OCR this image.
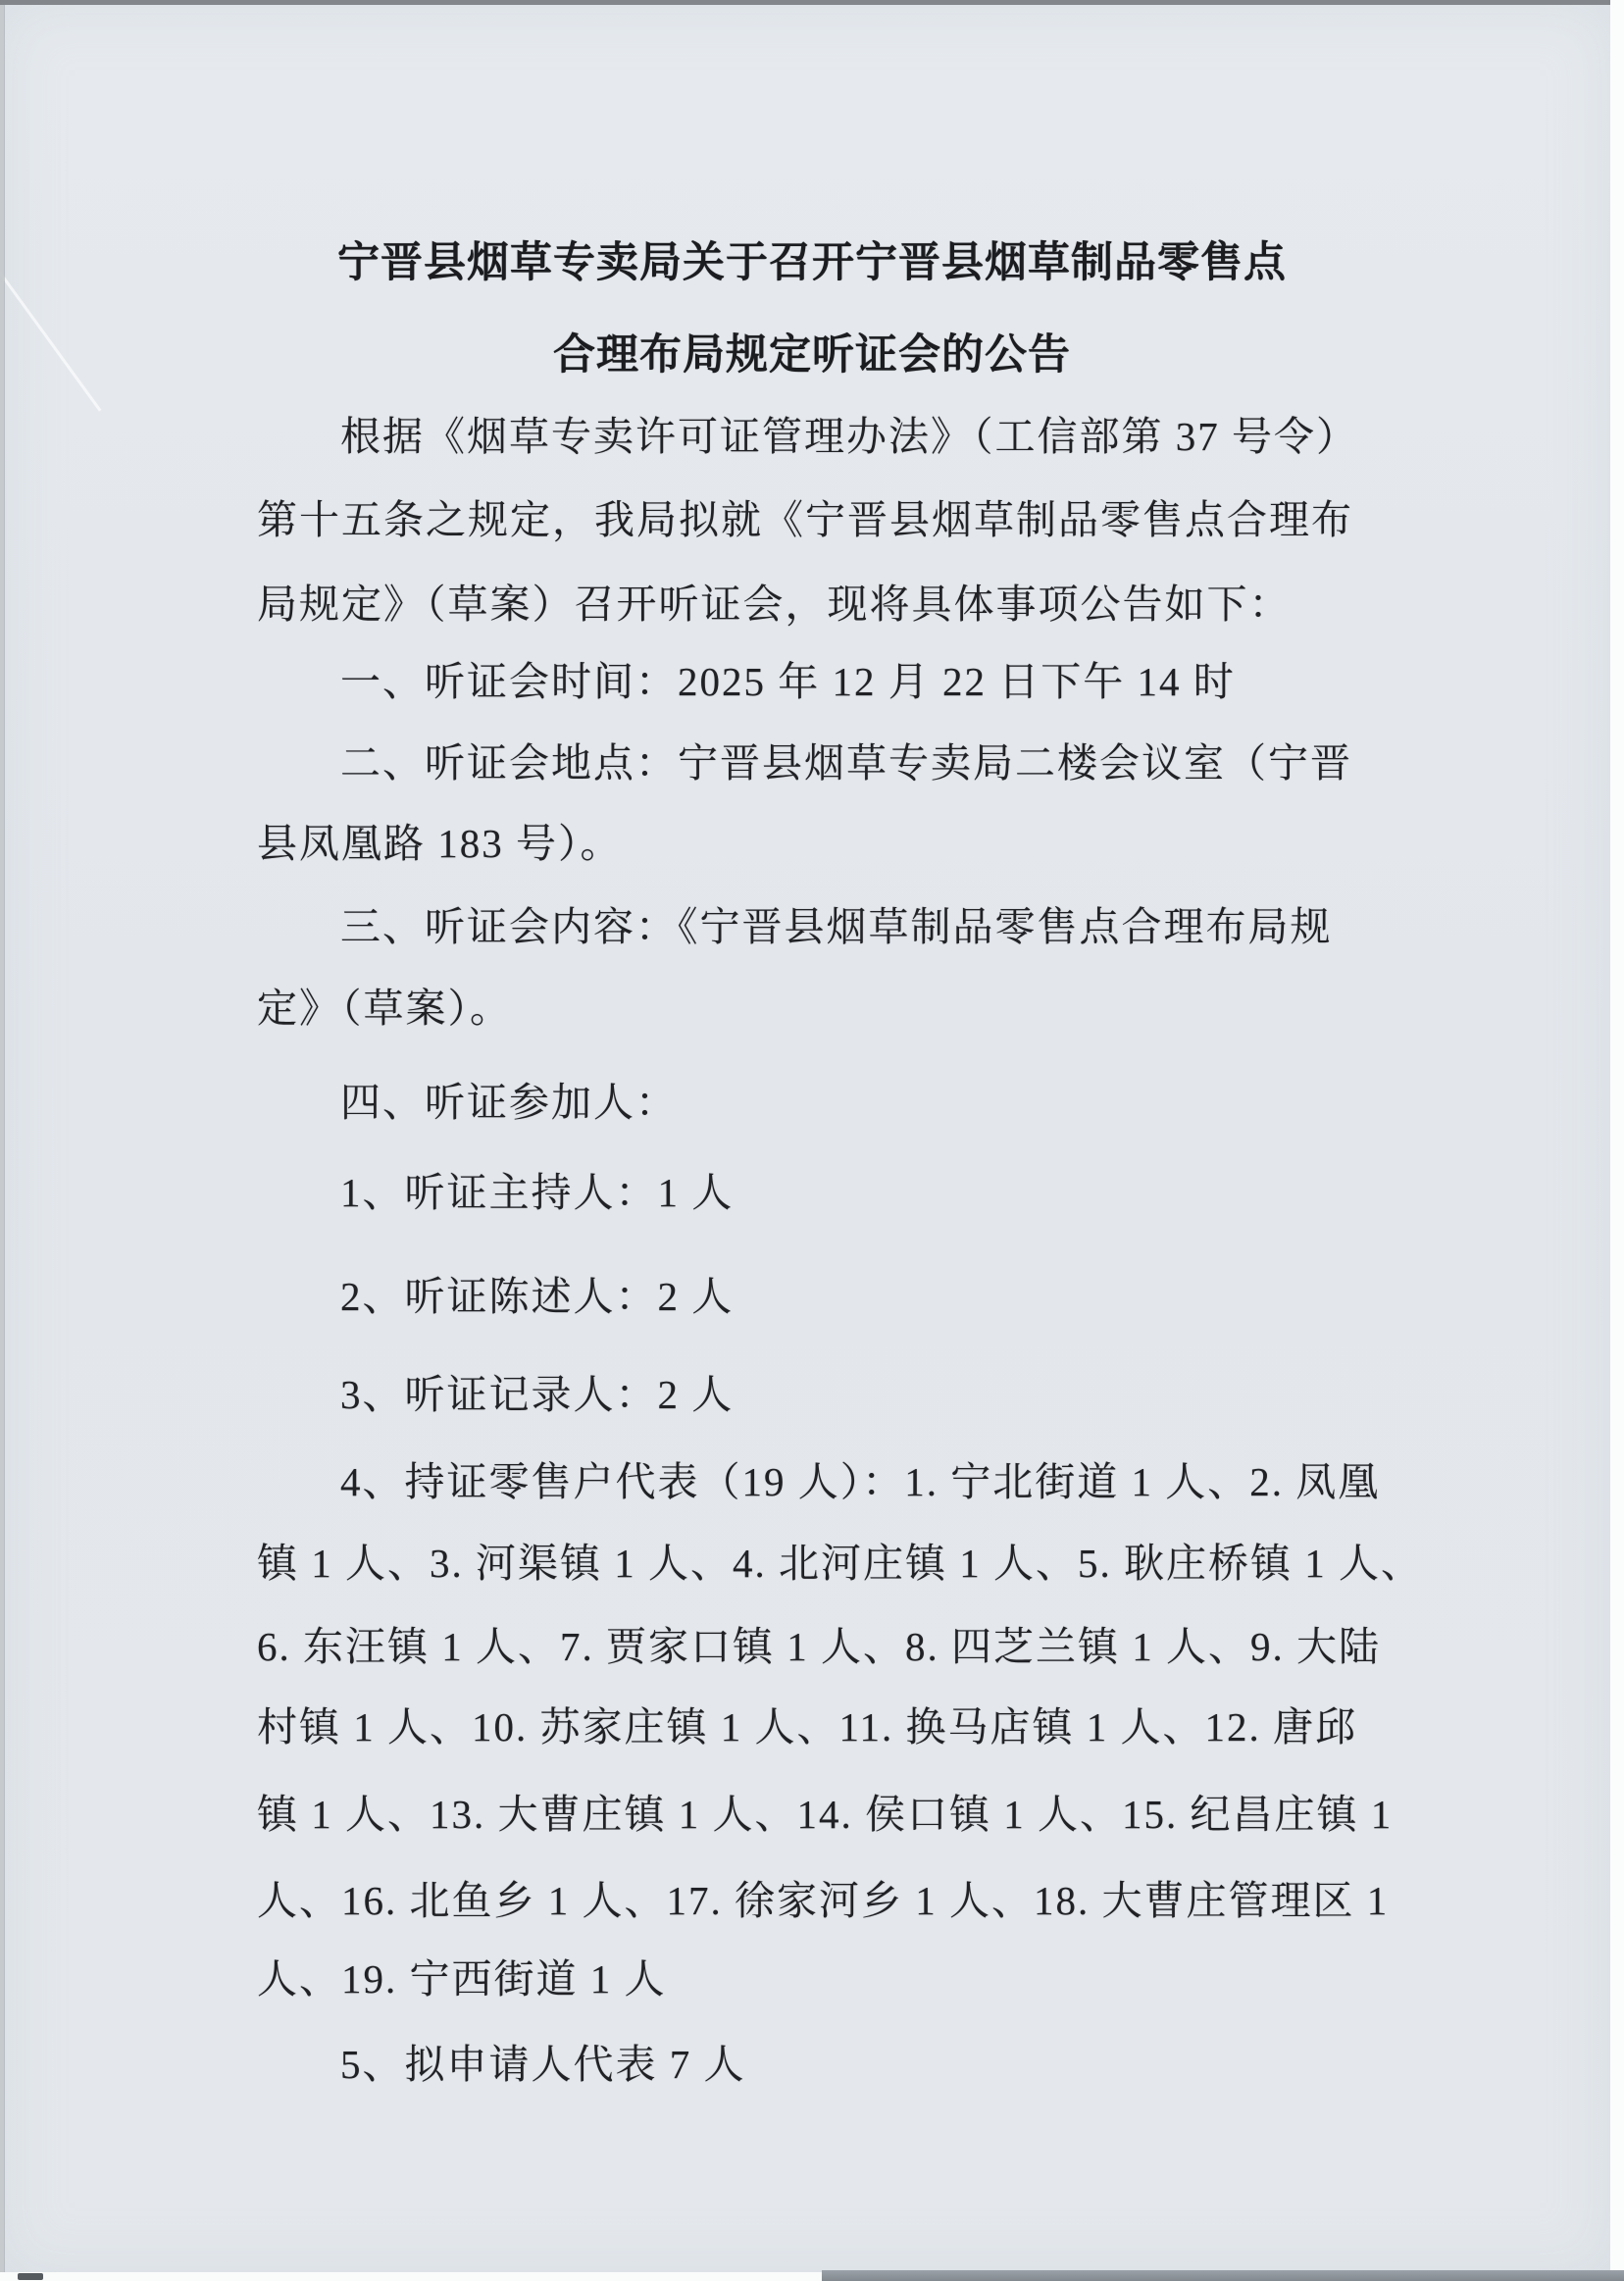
宁晋县烟草专卖局关于召开宁晋县烟草制品零售点
合理布局规定听证会的公告
根据《烟草专卖许可证管理办法》（工信部第 37 号令）
第十五条之规定，我局拟就《宁晋县烟草制品零售点合理布
局规定》（草案）召开听证会，现将具体事项公告如下：
一、听证会时间：2025 年 12 月 22 日下午 14 时
二、听证会地点：宁晋县烟草专卖局二楼会议室（宁晋
县凤凰路 183 号）。
三、听证会内容：《宁晋县烟草制品零售点合理布局规
定》（草案）。
四、听证参加人：
1、听证主持人：1 人
2、听证陈述人：2 人
3、听证记录人：2 人
4、持证零售户代表（19 人）：1. 宁北街道 1 人、2. 凤凰
镇 1 人、3. 河渠镇 1 人、4. 北河庄镇 1 人、5. 耿庄桥镇 1 人、
6. 东汪镇 1 人、7. 贾家口镇 1 人、8. 四芝兰镇 1 人、9. 大陆
村镇 1 人、10. 苏家庄镇 1 人、11. 换马店镇 1 人、12. 唐邱
镇 1 人、13. 大曹庄镇 1 人、14. 侯口镇 1 人、15. 纪昌庄镇 1
人、16. 北鱼乡 1 人、17. 徐家河乡 1 人、18. 大曹庄管理区 1
人、19. 宁西街道 1 人
5、拟申请人代表 7 人
